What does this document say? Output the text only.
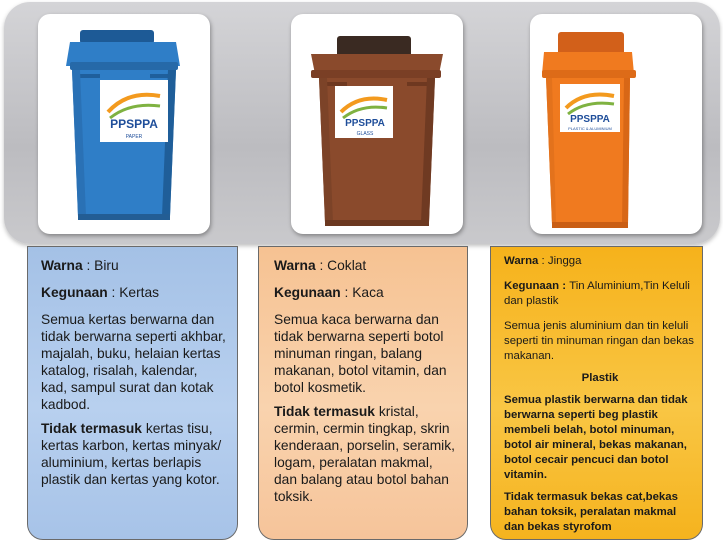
PPSPPA
PAPER
PPSPPA
GLASS
PPSPPA
PLASTIC & ALUMINIUM

Warna : Biru

Kegunaan : Kertas

Semua kertas berwarna dan tidak berwarna seperti akhbar, majalah, buku, helaian kertas katalog, risalah, kalendar, kad, sampul surat dan kotak kadbod.

Tidak termasuk kertas tisu, kertas karbon, kertas minyak/ aluminium, kertas berlapis plastik dan kertas yang kotor.

Warna : Coklat

Kegunaan : Kaca

Semua kaca berwarna dan tidak berwarna seperti botol minuman ringan, balang makanan, botol vitamin, dan botol kosmetik.

Tidak termasuk kristal, cermin, cermin tingkap, skrin kenderaan, porselin, seramik, logam, peralatan makmal, dan balang atau botol bahan toksik.

Warna : Jingga

Kegunaan : Tin Aluminium,Tin Keluli dan plastik

Semua jenis aluminium dan tin keluli seperti tin minuman ringan dan bekas makanan.

Plastik

Semua plastik berwarna dan tidak berwarna seperti beg plastik membeli belah, botol minuman, botol air mineral, bekas makanan, botol cecair pencuci dan botol vitamin.

Tidak termasuk bekas cat,bekas bahan toksik, peralatan makmal dan bekas styrofom
